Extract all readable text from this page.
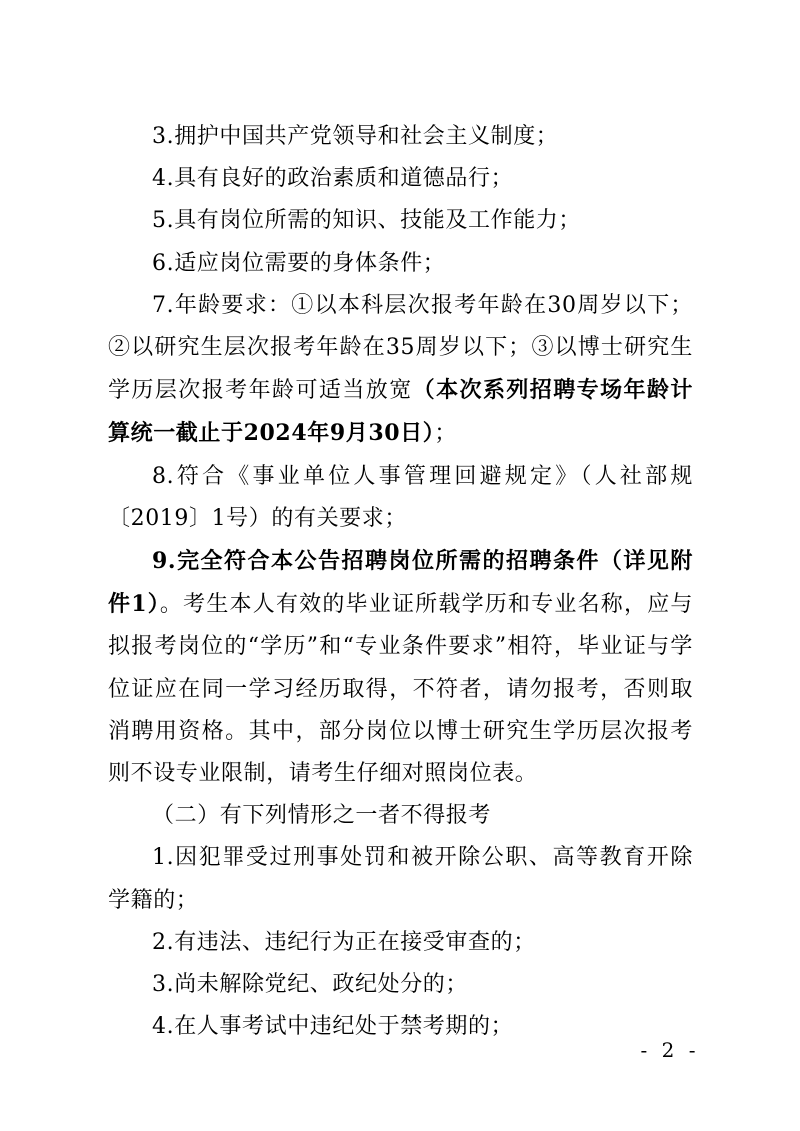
3.拥护中国共产党领导和社会主义制度；

4.具有良好的政治素质和道德品行；

5.具有岗位所需的知识、技能及工作能力；

6.适应岗位需要的身体条件；

7.年龄要求：①以本科层次报考年龄在30周岁以下；②以研究生层次报考年龄在35周岁以下；③以博士研究生学历层次报考年龄可适当放宽（本次系列招聘专场年龄计算统一截止于2024年9月30日）；

8.符合《事业单位人事管理回避规定》（人社部规〔2019〕1号）的有关要求；

9.完全符合本公告招聘岗位所需的招聘条件（详见附件1）。考生本人有效的毕业证所载学历和专业名称，应与拟报考岗位的“学历”和“专业条件要求”相符，毕业证与学位证应在同一学习经历取得，不符者，请勿报考，否则取消聘用资格。其中，部分岗位以博士研究生学历层次报考则不设专业限制，请考生仔细对照岗位表。

（二）有下列情形之一者不得报考

1.因犯罪受过刑事处罚和被开除公职、高等教育开除学籍的；

2.有违法、违纪行为正在接受审查的；

3.尚未解除党纪、政纪处分的；

4.在人事考试中违纪处于禁考期的；

- 2 -
